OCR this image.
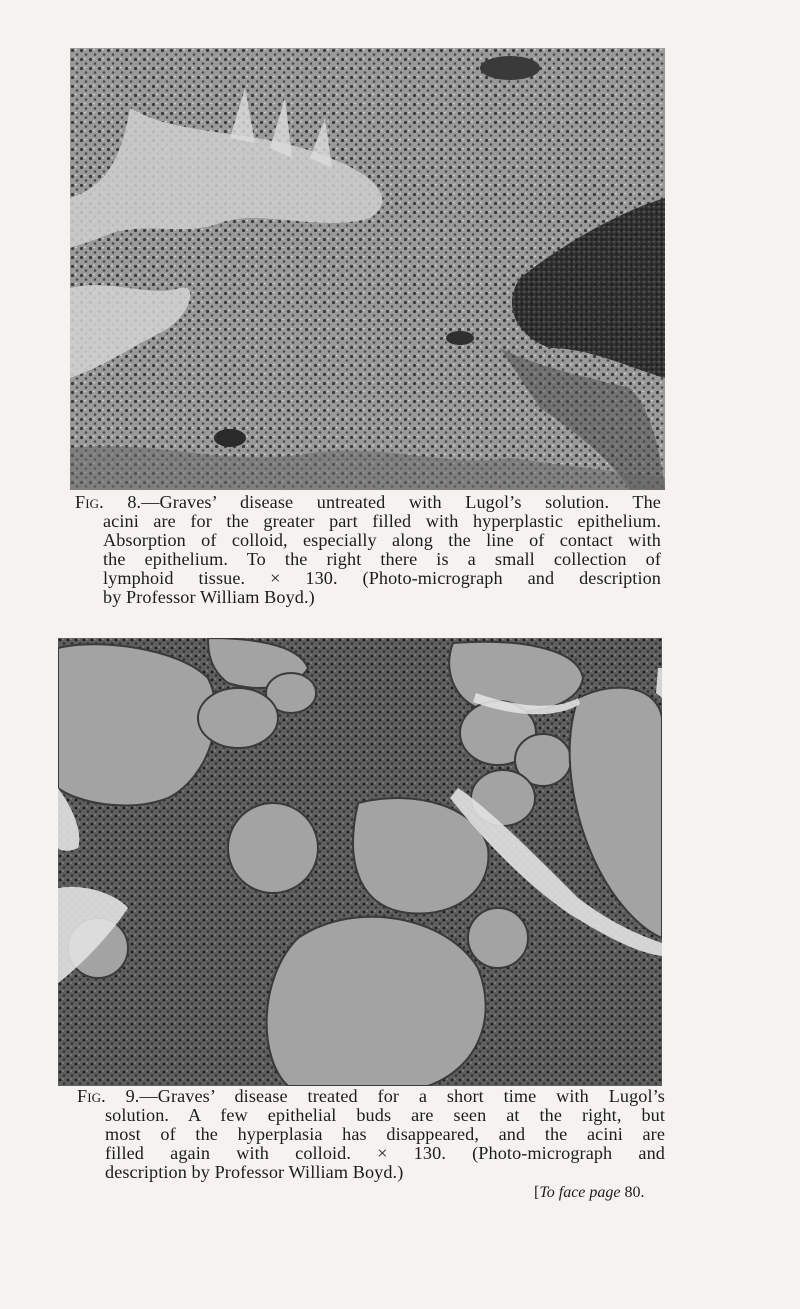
Fig. 8.—Graves’ disease untreated with Lugol’s solution. The
acini are for the greater part filled with hyperplastic epithelium.
Absorption of colloid, especially along the line of contact with
the epithelium. To the right there is a small collection of
lymphoid tissue. × 130. (Photo-micrograph and description
by Professor William Boyd.)

Fig. 9.—Graves’ disease treated for a short time with Lugol’s
solution. A few epithelial buds are seen at the right, but
most of the hyperplasia has disappeared, and the acini are
filled again with colloid. × 130. (Photo-micrograph and
description by Professor William Boyd.)

[To face page 80.
